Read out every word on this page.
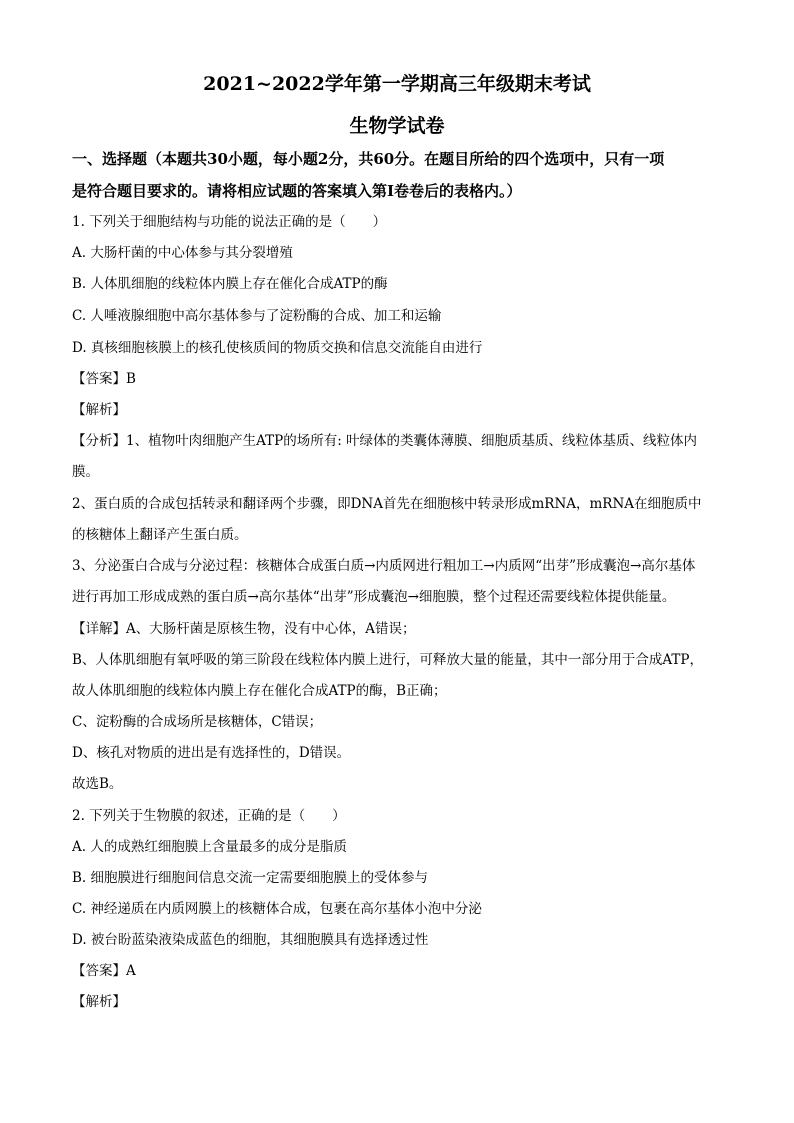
2021~2022学年第一学期高三年级期末考试
生物学试卷
一、选择题（本题共30小题，每小题2分，共60分。在题目所给的四个选项中，只有一项
是符合题目要求的。请将相应试题的答案填入第Ⅰ卷卷后的表格内。）
1. 下列关于细胞结构与功能的说法正确的是（　　）
A. 大肠杆菌的中心体参与其分裂增殖
B. 人体肌细胞的线粒体内膜上存在催化合成ATP的酶
C. 人唾液腺细胞中高尔基体参与了淀粉酶的合成、加工和运输
D. 真核细胞核膜上的核孔使核质间的物质交换和信息交流能自由进行
【答案】B
【解析】
【分析】1、植物叶肉细胞产生ATP的场所有: 叶绿体的类囊体薄膜、细胞质基质、线粒体基质、线粒体内
膜。
2、蛋白质的合成包括转录和翻译两个步骤，即DNA首先在细胞核中转录形成mRNA，mRNA在细胞质中
的核糖体上翻译产生蛋白质。
3、分泌蛋白合成与分泌过程：核糖体合成蛋白质→内质网进行粗加工→内质网“出芽”形成囊泡→高尔基体
进行再加工形成成熟的蛋白质→高尔基体“出芽”形成囊泡→细胞膜，整个过程还需要线粒体提供能量。
【详解】A、大肠杆菌是原核生物，没有中心体，A错误；
B、人体肌细胞有氧呼吸的第三阶段在线粒体内膜上进行，可释放大量的能量，其中一部分用于合成ATP，
故人体肌细胞的线粒体内膜上存在催化合成ATP的酶，B正确；
C、淀粉酶的合成场所是核糖体，C错误；
D、核孔对物质的进出是有选择性的，D错误。
故选B。
2. 下列关于生物膜的叙述，正确的是（　　）
A. 人的成熟红细胞膜上含量最多的成分是脂质
B. 细胞膜进行细胞间信息交流一定需要细胞膜上的受体参与
C. 神经递质在内质网膜上的核糖体合成，包裹在高尔基体小泡中分泌
D. 被台盼蓝染液染成蓝色的细胞，其细胞膜具有选择透过性
【答案】A
【解析】
